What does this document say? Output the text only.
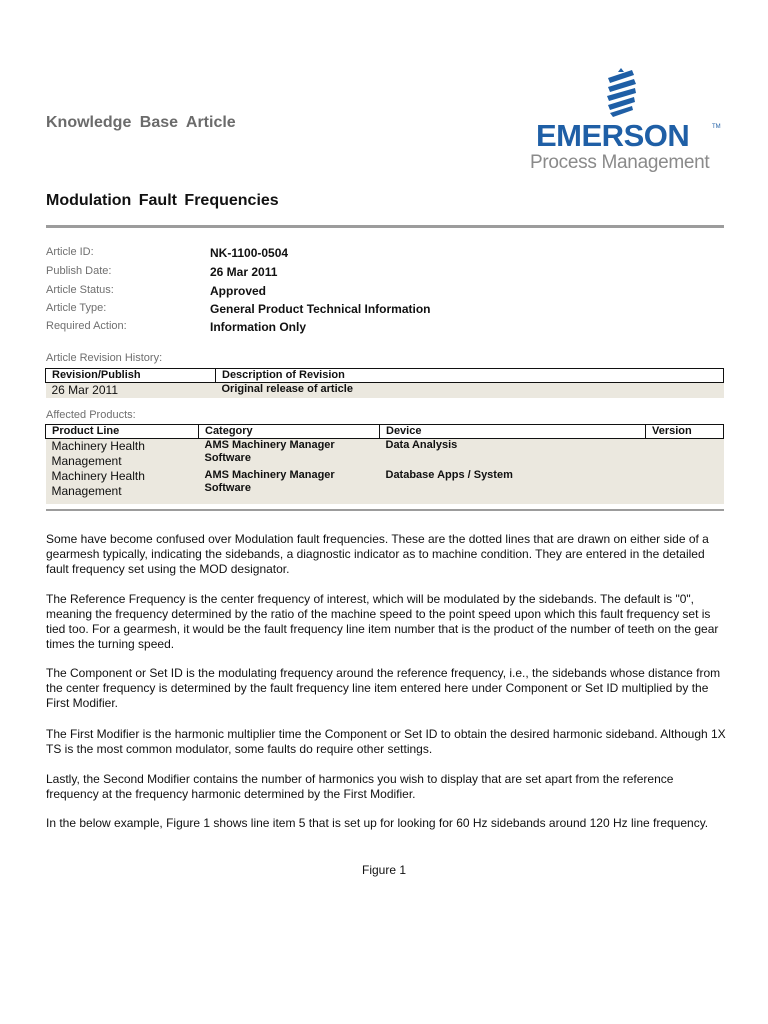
Knowledge Base Article	EMERSON	TM
Process Management
Modulation Fault Frequencies
Article ID:	NK-1100-0504
Publish Date:	26 Mar 2011
Article Status:	Approved
Article Type:	General Product Technical Information
Required Action:	Information Only
Article Revision History:
Revision/Publish	Description of Revision
26 Mar 2011	Original release of article
Affected Products:
Product Line	Category	Device	Version
Machinery Health Management	AMS Machinery Manager Software	Data Analysis	
Machinery Health Management	AMS Machinery Manager Software	Database Apps / System	

Some have become confused over Modulation fault frequencies. These are the dotted lines that are drawn on either side of a gearmesh typically, indicating the sidebands, a diagnostic indicator as to machine condition. They are entered in the detailed fault frequency set using the MOD designator.

The Reference Frequency is the center frequency of interest, which will be modulated by the sidebands. The default is "0", meaning the frequency determined by the ratio of the machine speed to the point speed upon which this fault frequency set is tied too. For a gearmesh, it would be the fault frequency line item number that is the product of the number of teeth on the gear times the turning speed.

The Component or Set ID is the modulating frequency around the reference frequency, i.e., the sidebands whose distance from the center frequency is determined by the fault frequency line item entered here under Component or Set ID multiplied by the First Modifier.

The First Modifier is the harmonic multiplier time the Component or Set ID to obtain the desired harmonic sideband. Although 1X TS is the most common modulator, some faults do require other settings.

Lastly, the Second Modifier contains the number of harmonics you wish to display that are set apart from the reference frequency at the frequency harmonic determined by the First Modifier.

In the below example, Figure 1 shows line item 5 that is set up for looking for 60 Hz sidebands around 120 Hz line frequency.

Figure 1
